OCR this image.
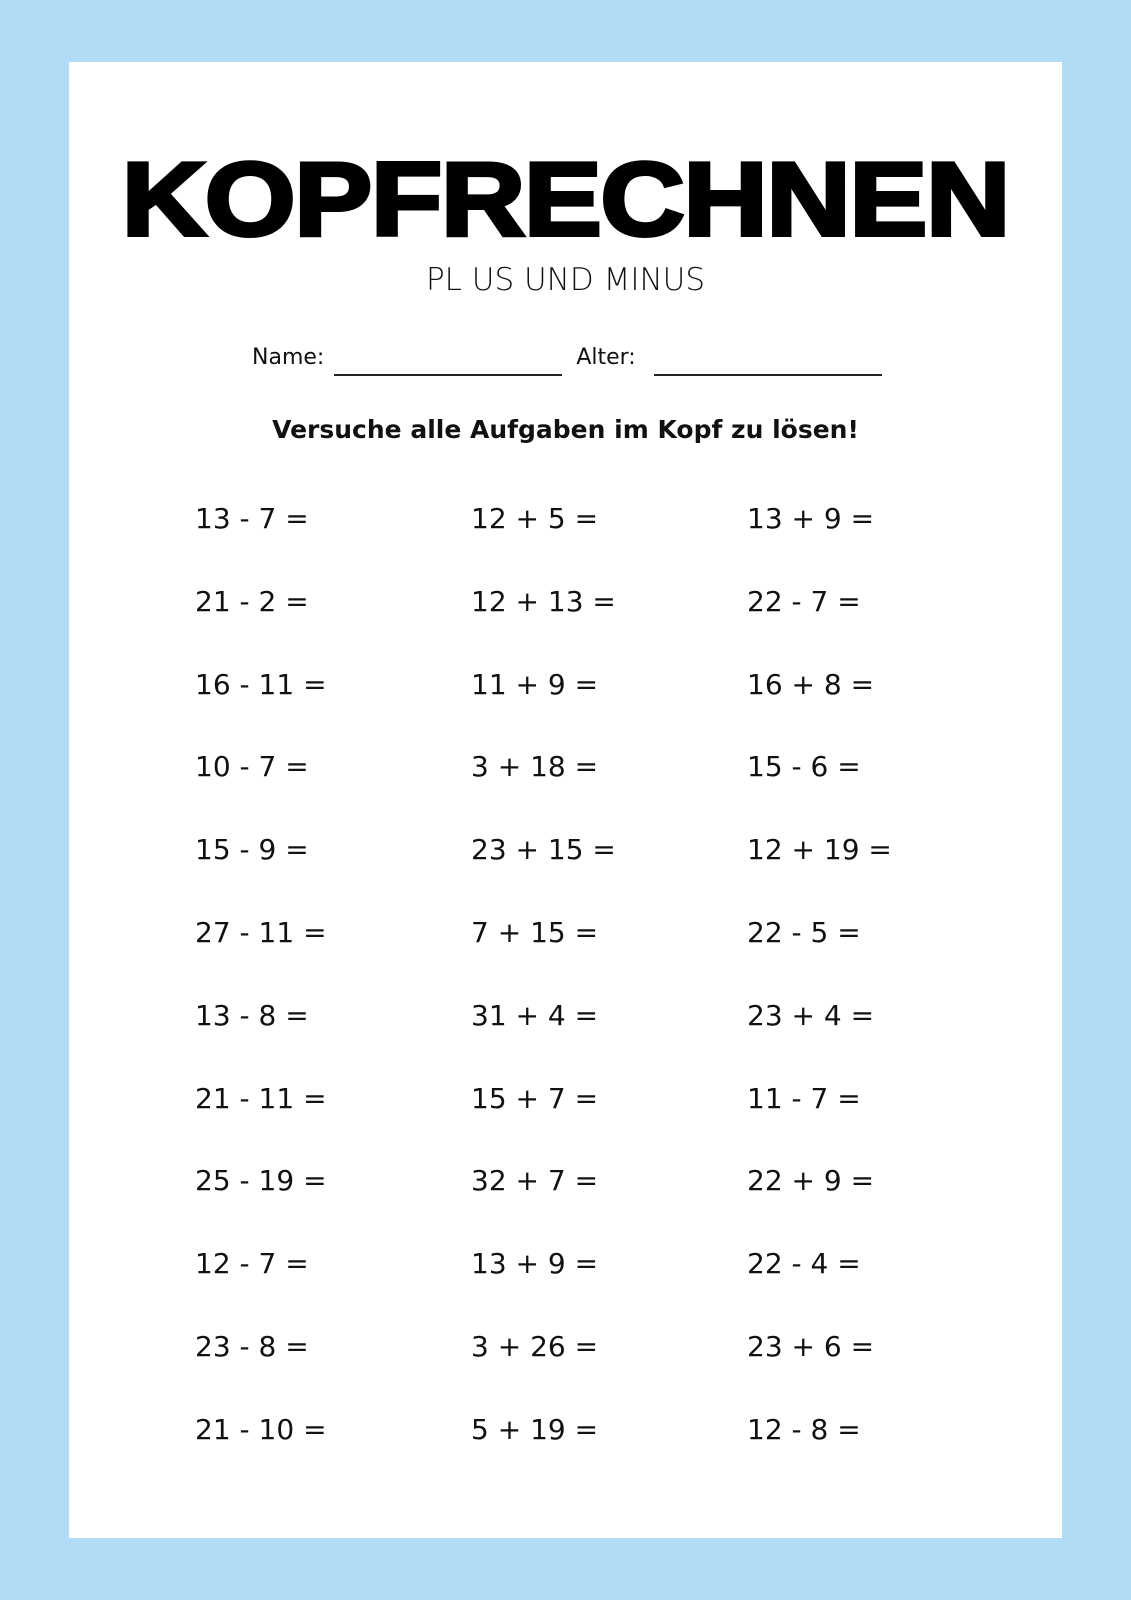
KOPFRECHNEN
PL US UND MINUS
Name:	Alter:
Versuche alle Aufgaben im Kopf zu lösen!
13 - 7 =	12 + 5 =	13 + 9 =
21 - 2 =	12 + 13 =	22 - 7 =
16 - 11 =	11 + 9 =	16 + 8 =
10 - 7 =	3 + 18 =	15 - 6 =
15 - 9 =	23 + 15 =	12 + 19 =
27 - 11 =	7 + 15 =	22 - 5 =
13 - 8 =	31 + 4 =	23 + 4 =
21 - 11 =	15 + 7 =	11 - 7 =
25 - 19 =	32 + 7 =	22 + 9 =
12 - 7 =	13 + 9 =	22 - 4 =
23 - 8 =	3 + 26 =	23 + 6 =
21 - 10 =	5 + 19 =	12 - 8 =
